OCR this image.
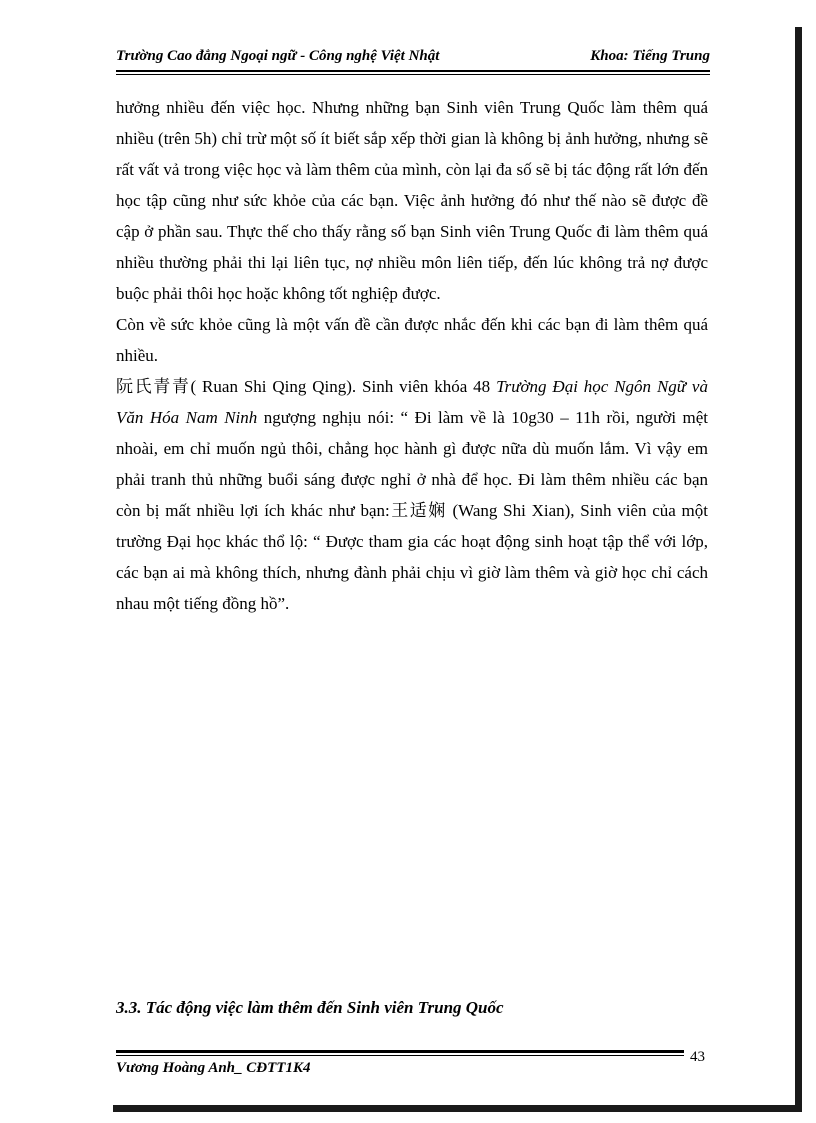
Trường Cao đẳng Ngoại ngữ - Công nghệ Việt Nhật	Khoa: Tiếng Trung

hưởng nhiều đến việc học. Nhưng những bạn Sinh viên Trung Quốc làm thêm quá nhiều (trên 5h) chỉ trừ một số ít biết sắp xếp thời gian là không bị ảnh hưởng, nhưng sẽ rất vất vả trong việc học và làm thêm của mình, còn lại đa số sẽ bị tác động rất lớn đến học tập cũng như sức khỏe của các bạn. Việc ảnh hưởng đó như thế nào sẽ được đề cập ở phần sau. Thực thế cho thấy rằng số bạn Sinh viên Trung Quốc đi làm thêm quá nhiều thường phải thi lại liên tục, nợ nhiều môn liên tiếp, đến lúc không trả nợ được buộc phải thôi học hoặc không tốt nghiệp được.

Còn về sức khỏe cũng là một vấn đề cần được nhắc đến khi các bạn đi làm thêm quá nhiều.

阮氏青青( Ruan Shi Qing Qing). Sinh viên khóa 48 Trường Đại học Ngôn Ngữ và Văn Hóa Nam Ninh ngượng nghịu nói: “ Đi làm về là 10g30 – 11h rồi, người mệt nhoài, em chỉ muốn ngủ thôi, chẳng học hành gì được nữa dù muốn lắm. Vì vậy em phải tranh thủ những buổi sáng được nghỉ ở nhà để học. Đi làm thêm nhiều các bạn còn bị mất nhiều lợi ích khác như bạn:王适娴 (Wang Shi Xian), Sinh viên của một trường Đại học khác thổ lộ: “ Được tham gia các hoạt động sinh hoạt tập thể với lớp, các bạn ai mà không thích, nhưng đành phải chịu vì giờ làm thêm và giờ học chỉ cách nhau một tiếng đồng hồ”.

3.3. Tác động việc làm thêm đến Sinh viên Trung Quốc
Vương Hoàng Anh_ CĐTT1K4
43
